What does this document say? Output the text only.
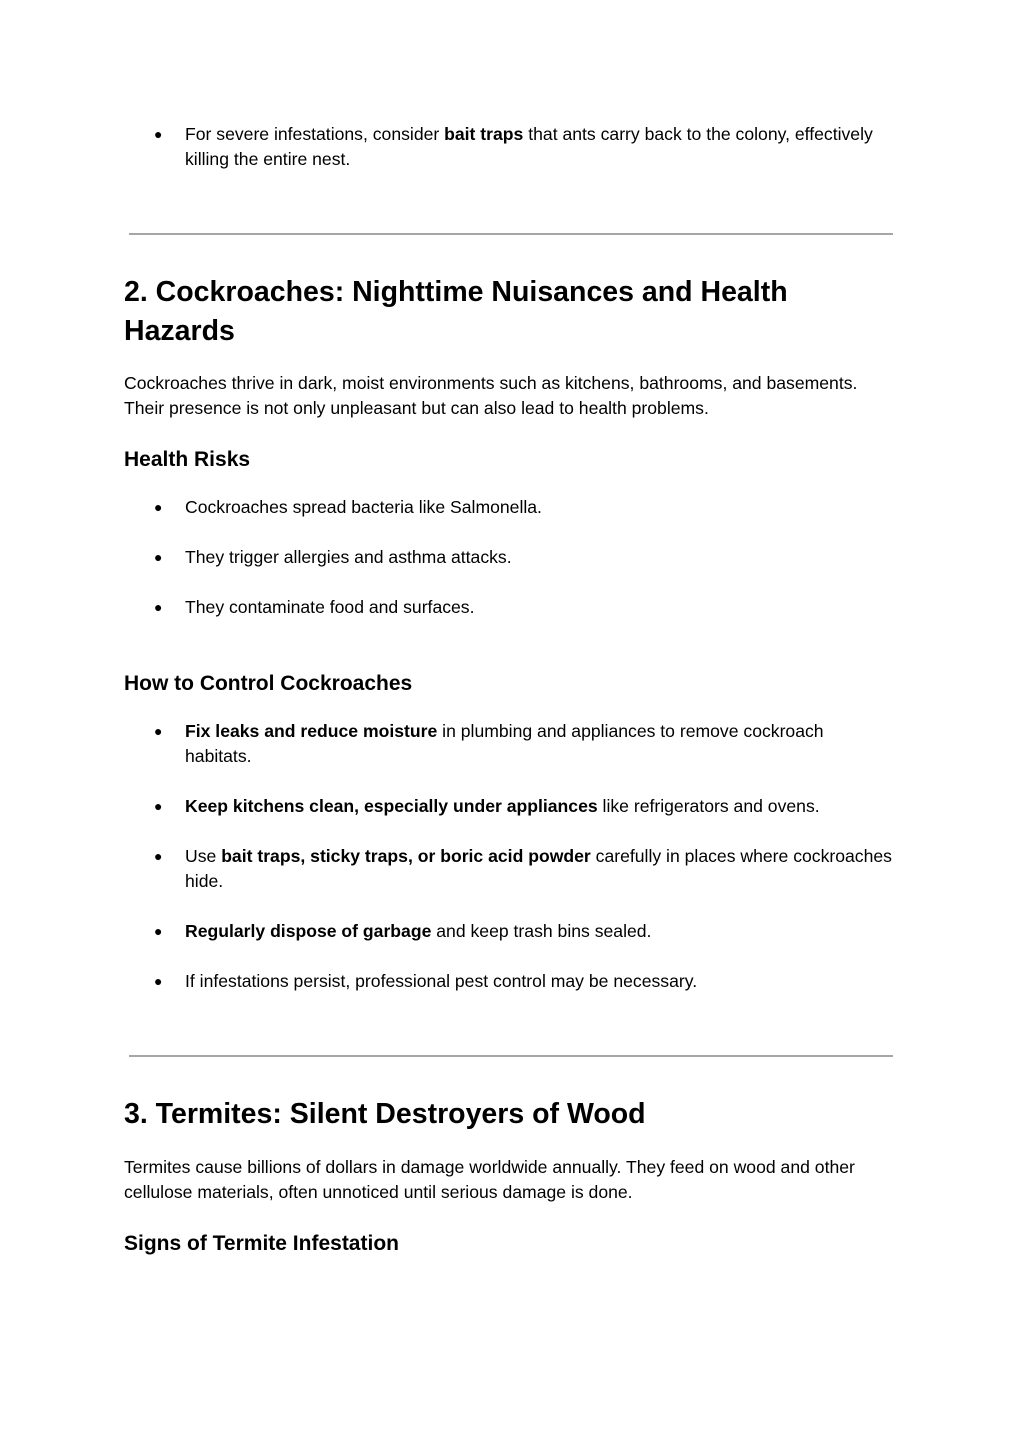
● For severe infestations, consider bait traps that ants carry back to the colony, effectively killing the entire nest.
2. Cockroaches: Nighttime Nuisances and Health Hazards

Cockroaches thrive in dark, moist environments such as kitchens, bathrooms, and basements. Their presence is not only unpleasant but can also lead to health problems.

Health Risks
● Cockroaches spread bacteria like Salmonella.
● They trigger allergies and asthma attacks.
● They contaminate food and surfaces.
How to Control Cockroaches
● Fix leaks and reduce moisture in plumbing and appliances to remove cockroach habitats.
● Keep kitchens clean, especially under appliances like refrigerators and ovens.
● Use bait traps, sticky traps, or boric acid powder carefully in places where cockroaches hide.
● Regularly dispose of garbage and keep trash bins sealed.
● If infestations persist, professional pest control may be necessary.
3. Termites: Silent Destroyers of Wood

Termites cause billions of dollars in damage worldwide annually. They feed on wood and other cellulose materials, often unnoticed until serious damage is done.

Signs of Termite Infestation
